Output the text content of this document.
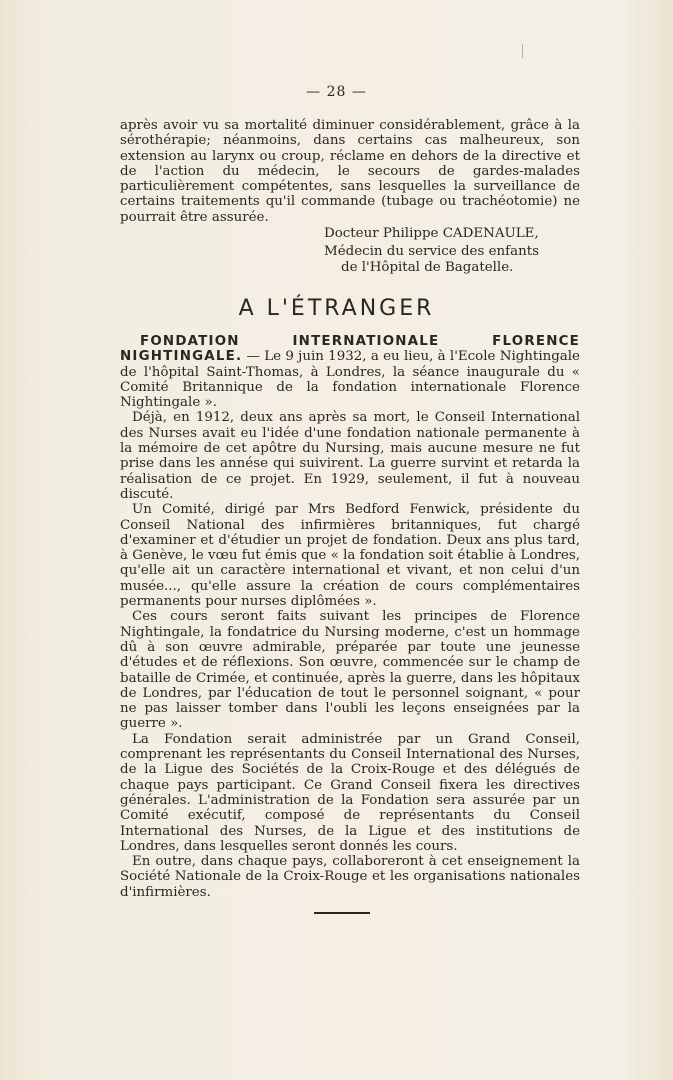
— 28 —

après avoir vu sa mortalité diminuer considérablement, grâce à la sérothérapie; néanmoins, dans certains cas malheureux, son extension au larynx ou croup, réclame en dehors de la directive et de l'action du médecin, le secours de gardes-malades particulièrement compétentes, sans lesquelles la surveillance de certains traitements qu'il commande (tubage ou trachéotomie) ne pourrait être assurée.

Docteur Philippe CADENAULE,
Médecin du service des enfants
de l'Hôpital de Bagatelle.
A L'ÉTRANGER

FONDATION INTERNATIONALE FLORENCE NIGHTINGALE. — Le 9 juin 1932, a eu lieu, à l'Ecole Nightingale de l'hôpital Saint-Thomas, à Londres, la séance inaugurale du « Comité Britannique de la fondation internationale Florence Nightingale ».

Déjà, en 1912, deux ans après sa mort, le Conseil International des Nurses avait eu l'idée d'une fondation nationale permanente à la mémoire de cet apôtre du Nursing, mais aucune mesure ne fut prise dans les annése qui suivirent. La guerre survint et retarda la réalisation de ce projet. En 1929, seulement, il fut à nouveau discuté.

Un Comité, dirigé par Mrs Bedford Fenwick, présidente du Conseil National des infirmières britanniques, fut chargé d'examiner et d'étudier un projet de fondation. Deux ans plus tard, à Genève, le vœu fut émis que « la fondation soit établie à Londres, qu'elle ait un caractère international et vivant, et non celui d'un musée..., qu'elle assure la création de cours complémentaires permanents pour nurses diplômées ».

Ces cours seront faits suivant les principes de Florence Nightingale, la fondatrice du Nursing moderne, c'est un hommage dû à son œuvre admirable, préparée par toute une jeunesse d'études et de réflexions. Son œuvre, commencée sur le champ de bataille de Crimée, et continuée, après la guerre, dans les hôpitaux de Londres, par l'éducation de tout le personnel soignant, « pour ne pas laisser tomber dans l'oubli les leçons enseignées par la guerre ».

La Fondation serait administrée par un Grand Conseil, comprenant les représentants du Conseil International des Nurses, de la Ligue des Sociétés de la Croix-Rouge et des délégués de chaque pays participant. Ce Grand Conseil fixera les directives générales. L'administration de la Fondation sera assurée par un Comité exécutif, composé de représentants du Conseil International des Nurses, de la Ligue et des institutions de Londres, dans lesquelles seront donnés les cours.

En outre, dans chaque pays, collaboreront à cet enseignement la Société Nationale de la Croix-Rouge et les organisations nationales d'infirmières.
